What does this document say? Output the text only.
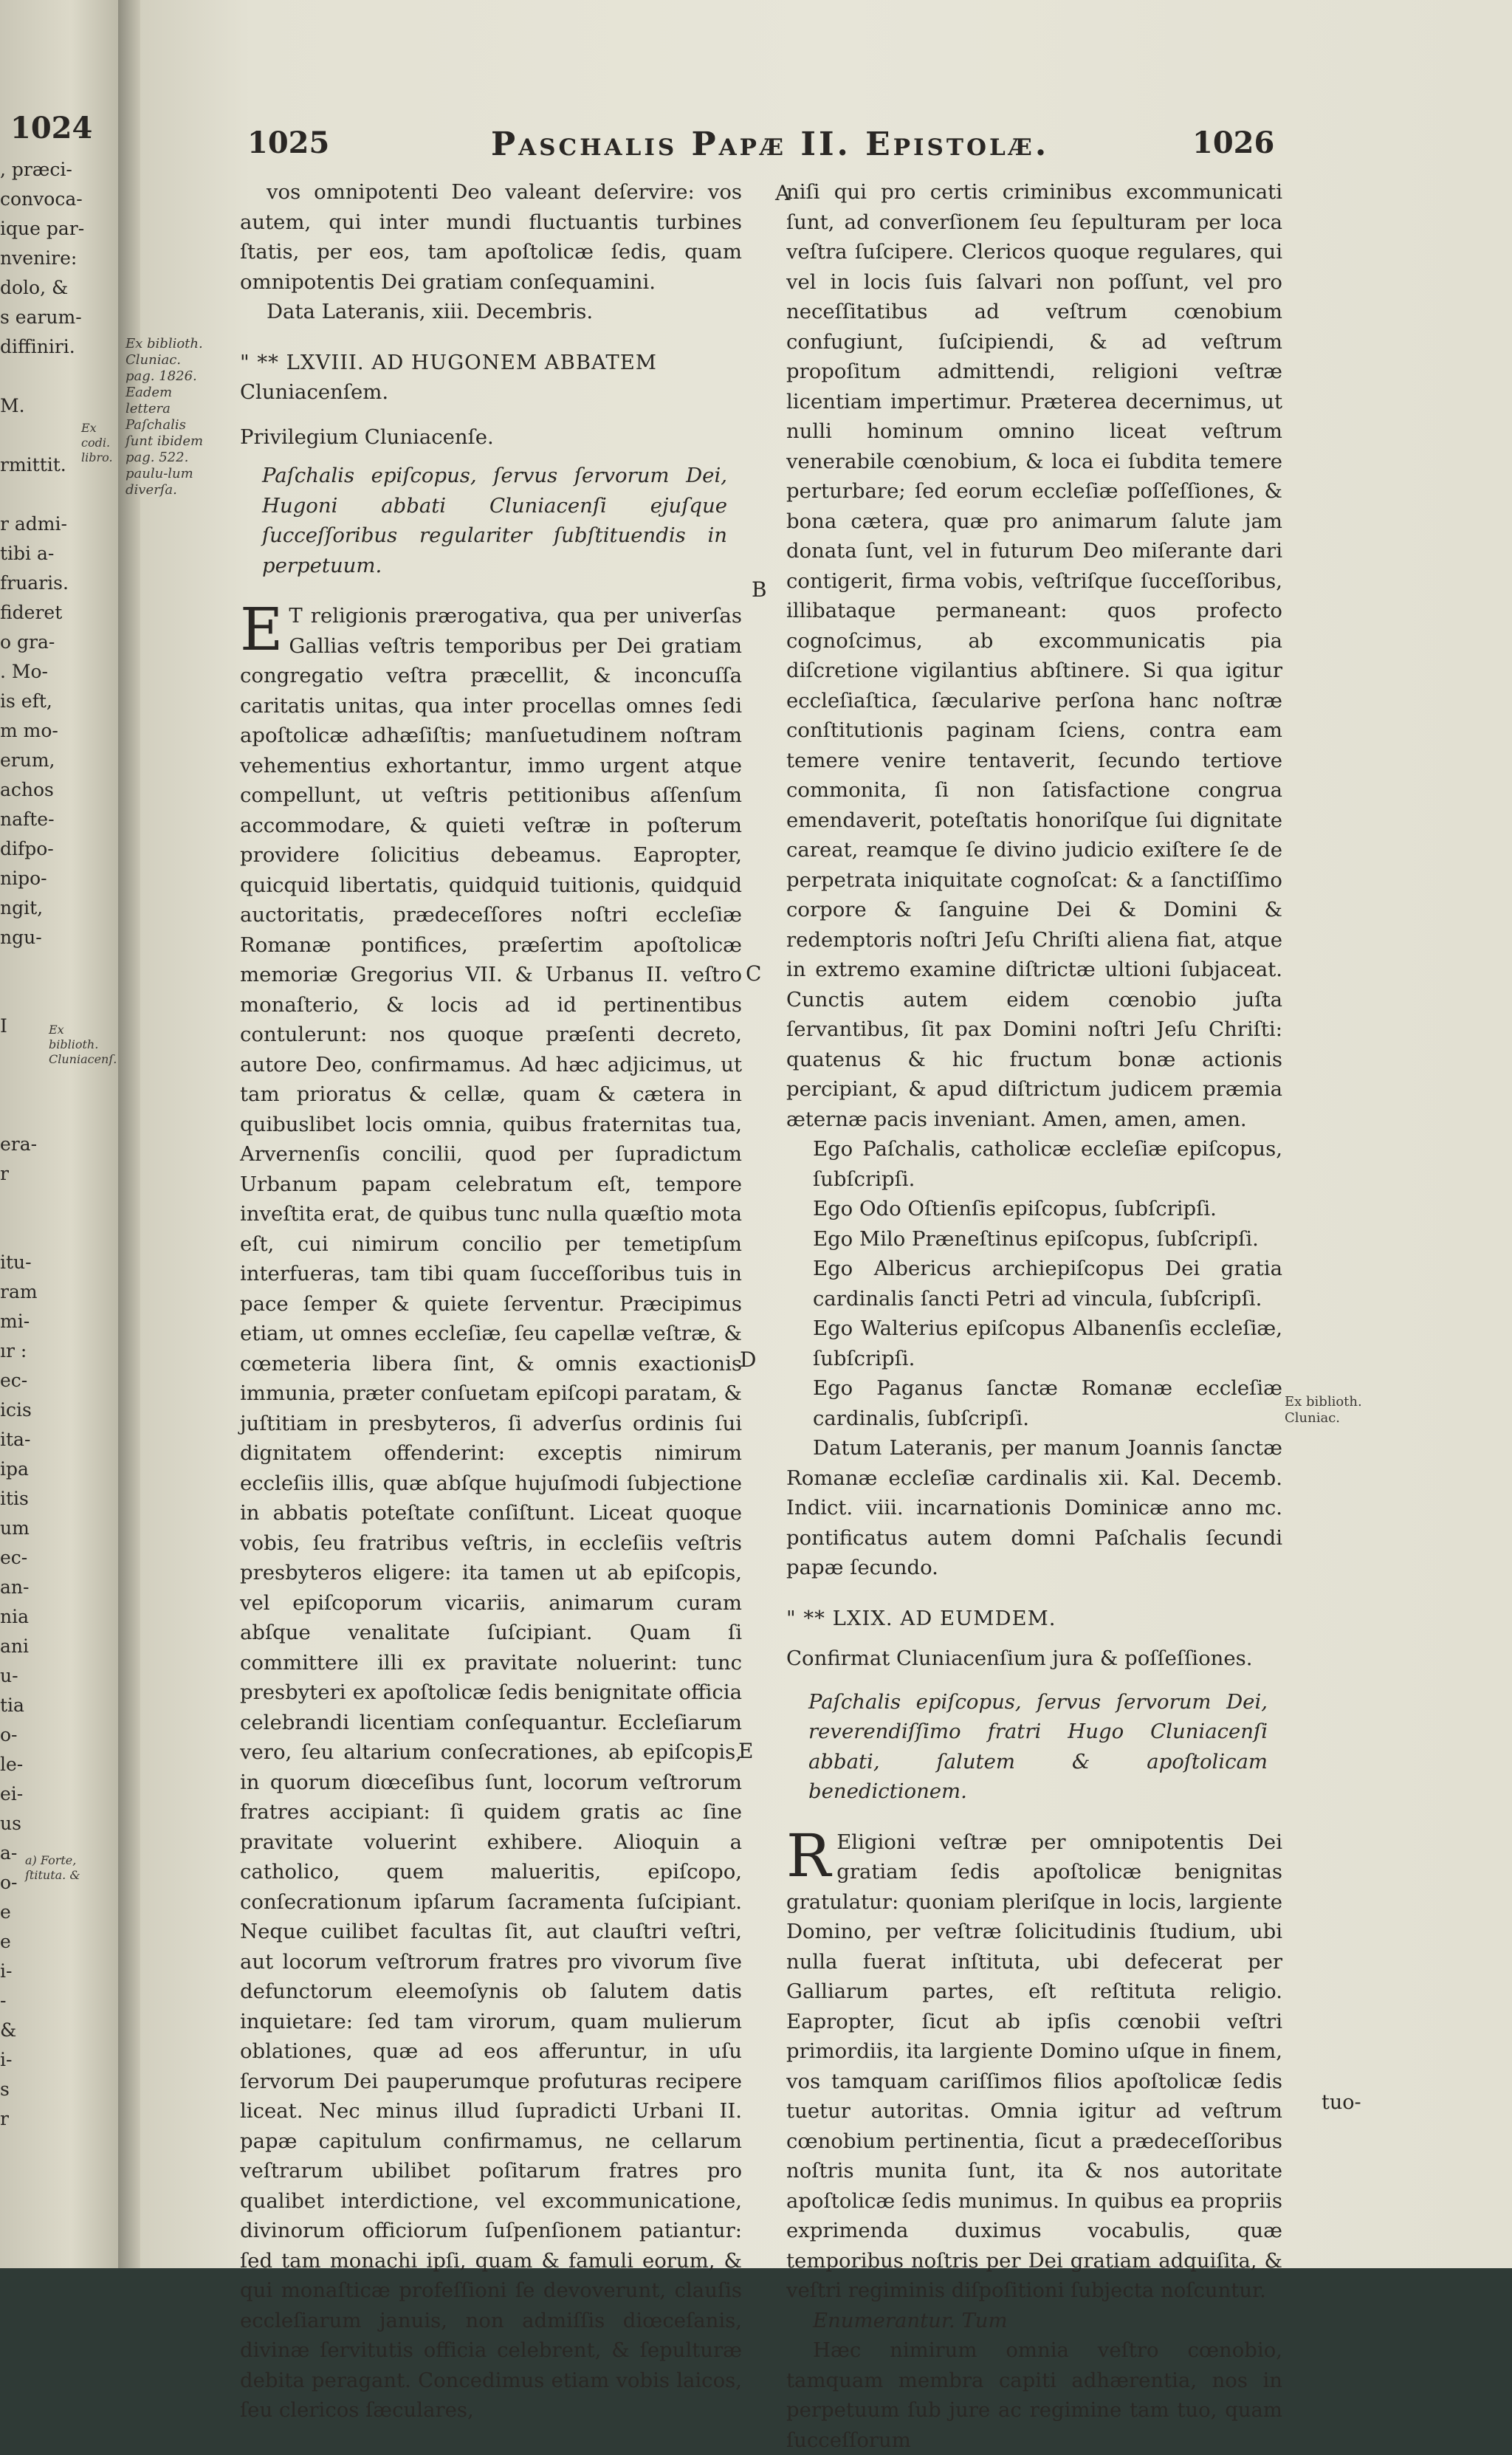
1024
, præci-
convoca-
ique par-
nvenire:
dolo, &
s earum-
diffiniri.
M.
rmittit.
r admi-
tibi a-
fruaris.
fideret
o gra-
. Mo-
is eft,
m mo-
erum,
achos
nafte-
difpo-
nipo-
ngit,
ngu-
I
era-
r
itu-
ram
mi-
ır :
ec-
icis
ita-
ipa
itis
um
ec-
an-
nia
ani
u-
tia
o-
le-
ei-
us
a-
o-
e
e
i-
-
&
i-
s
r
Ex codi. libro.
Ex biblioth. Cluniacenſ.
a) Forte, ſtituta. &
1025	Paschalis Papæ II. Epistolæ.	1026
Ex biblioth. Cluniac. pag. 1826. Eadem lettera Paſchalis ſunt ibidem pag. 522. paulu-lum diverſa.
Ex biblioth. Cluniac.
A
B
C
D
E

vos omnipotenti Deo valeant deſervire: vos autem, qui inter mundi fluctuantis turbines ſtatis, per eos, tam apoſtolicæ ſedis, quam omnipotentis Dei gratiam conſequamini.

Data Lateranis, xiii. Decembris.

" ** LXVIII. AD HUGONEM ABBATEM

Cluniacenſem.

Privilegium Cluniacenſe.

Paſchalis epiſcopus, ſervus ſervorum Dei, Hugoni abbati Cluniacenſi ejuſque ſucceſſoribus regulariter ſubſtituendis in perpetuum.

ET religionis prærogativa, qua per univerſas Gallias veſtris temporibus per Dei gratiam congregatio veſtra præcellit, & inconcuſſa caritatis unitas, qua inter procellas omnes ſedi apoſtolicæ adhæſiſtis; manſuetudinem noſtram vehementius exhortantur, immo urgent atque compellunt, ut veſtris petitionibus aſſenſum accommodare, & quieti veſtræ in poſterum providere ſolicitius debeamus. Eapropter, quicquid libertatis, quidquid tuitionis, quidquid auctoritatis, prædeceſſores noſtri eccleſiæ Romanæ pontifices, præſertim apoſtolicæ memoriæ Gregorius VII. & Urbanus II. veſtro monaſterio, & locis ad id pertinentibus contulerunt: nos quoque præſenti decreto, autore Deo, confirmamus. Ad hæc adjicimus, ut tam prioratus & cellæ, quam & cætera in quibuslibet locis omnia, quibus fraternitas tua, Arvernenſis concilii, quod per ſupradictum Urbanum papam celebratum eſt, tempore inveſtita erat, de quibus tunc nulla quæſtio mota eſt, cui nimirum concilio per temetipſum interfueras, tam tibi quam ſucceſſoribus tuis in pace ſemper & quiete ſerventur. Præcipimus etiam, ut omnes eccleſiæ, ſeu capellæ veſtræ, & cœmeteria libera ſint, & omnis exactionis immunia, præter conſuetam epiſcopi paratam, & juſtitiam in presbyteros, ſi adverſus ordinis ſui dignitatem offenderint: exceptis nimirum eccleſiis illis, quæ abſque hujuſmodi ſubjectione in abbatis poteſtate conſiſtunt. Liceat quoque vobis, ſeu fratribus veſtris, in eccleſiis veſtris presbyteros eligere: ita tamen ut ab epiſcopis, vel epiſcoporum vicariis, animarum curam abſque venalitate ſuſcipiant. Quam ſi committere illi ex pravitate noluerint: tunc presbyteri ex apoſtolicæ ſedis benignitate officia celebrandi licentiam conſequantur. Eccleſiarum vero, ſeu altarium conſecrationes, ab epiſcopis, in quorum diœceſibus ſunt, locorum veſtrorum fratres accipiant: ſi quidem gratis ac ſine pravitate voluerint exhibere. Alioquin a catholico, quem malueritis, epiſcopo, conſecrationum ipſarum ſacramenta ſuſcipiant. Neque cuilibet facultas ſit, aut clauſtri veſtri, aut locorum veſtrorum fratres pro vivorum ſive defunctorum eleemoſynis ob ſalutem datis inquietare: ſed tam virorum, quam mulierum oblationes, quæ ad eos afferuntur, in uſu ſervorum Dei pauperumque profuturas recipere liceat. Nec minus illud ſupradicti Urbani II. papæ capitulum confirmamus, ne cellarum veſtrarum ubilibet poſitarum fratres pro qualibet interdictione, vel excommunicatione, divinorum officiorum ſuſpenſionem patiantur: ſed tam monachi ipſi, quam & famuli eorum, & qui monaſticæ profeſſioni ſe devoverunt, clauſis eccleſiarum januis, non admiſſis diœceſanis, divinæ ſervitutis officia celebrent, & ſepulturæ debita peragant. Concedimus etiam vobis laicos, ſeu clericos ſæculares,

niſi qui pro certis criminibus excommunicati ſunt, ad converſionem ſeu ſepulturam per loca veſtra ſuſcipere. Clericos quoque regulares, qui vel in locis ſuis ſalvari non poſſunt, vel pro neceſſitatibus ad veſtrum cœnobium confugiunt, ſuſcipiendi, & ad veſtrum propoſitum admittendi, religioni veſtræ licentiam impertimur. Præterea decernimus, ut nulli hominum omnino liceat veſtrum venerabile cœnobium, & loca ei ſubdita temere perturbare; ſed eorum eccleſiæ poſſeſſiones, & bona cætera, quæ pro animarum ſalute jam donata ſunt, vel in futurum Deo miſerante dari contigerit, firma vobis, veſtriſque ſucceſſoribus, illibataque permaneant: quos profecto cognoſcimus, ab excommunicatis pia diſcretione vigilantius abſtinere. Si qua igitur eccleſiaſtica, ſæcularive perſona hanc noſtræ conſtitutionis paginam ſciens, contra eam temere venire tentaverit, ſecundo tertiove commonita, ſi non ſatisfactione congrua emendaverit, poteſtatis honoriſque ſui dignitate careat, reamque ſe divino judicio exiſtere ſe de perpetrata iniquitate cognoſcat: & a ſanctiſſimo corpore & ſanguine Dei & Domini & redemptoris noſtri Jeſu Chriſti aliena fiat, atque in extremo examine diſtrictæ ultioni ſubjaceat. Cunctis autem eidem cœnobio juſta ſervantibus, ſit pax Domini noſtri Jeſu Chriſti: quatenus & hic fructum bonæ actionis percipiant, & apud diſtrictum judicem præmia æternæ pacis inveniant. Amen, amen, amen.

Ego Paſchalis, catholicæ eccleſiæ epiſcopus, ſubſcripſi.

Ego Odo Oſtienſis epiſcopus, ſubſcripſi.

Ego Milo Præneſtinus epiſcopus, ſubſcripſi.

Ego Albericus archiepiſcopus Dei gratia cardinalis ſancti Petri ad vincula, ſubſcripſi.

Ego Walterius epiſcopus Albanenſis eccleſiæ, ſubſcripſi.

Ego Paganus ſanctæ Romanæ eccleſiæ cardinalis, ſubſcripſi.

Datum Lateranis, per manum Joannis ſanctæ Romanæ eccleſiæ cardinalis xii. Kal. Decemb. Indict. viii. incarnationis Dominicæ anno mc. pontificatus autem domni Paſchalis ſecundi papæ ſecundo.

" ** LXIX. AD EUMDEM.

Confirmat Cluniacenſium jura & poſſeſſiones.

Paſchalis epiſcopus, ſervus ſervorum Dei, reverendiſſimo fratri Hugo Cluniacenſi abbati, ſalutem & apoſtolicam benedictionem.

REligioni veſtræ per omnipotentis Dei gratiam ſedis apoſtolicæ benignitas gratulatur: quoniam pleriſque in locis, largiente Domino, per veſtræ ſolicitudinis ſtudium, ubi nulla fuerat inſtituta, ubi defecerat per Galliarum partes, eſt reſtituta religio. Eapropter, ſicut ab ipſis cœnobii veſtri primordiis, ita largiente Domino uſque in finem, vos tamquam cariſſimos filios apoſtolicæ ſedis tuetur autoritas. Omnia igitur ad veſtrum cœnobium pertinentia, ſicut a prædeceſſoribus noſtris munita ſunt, ita & nos autoritate apoſtolicæ ſedis munimus. In quibus ea propriis exprimenda duximus vocabulis, quæ temporibus noſtris per Dei gratiam adquiſita, & veſtri regiminis diſpoſitioni ſubjecta noſcuntur.

Enumerantur. Tum

Hæc nimirum omnia veſtro cœnobio, tamquam membra capiti adhærentia, nos in perpetuum ſub jure ac regimine tam tuo, quam ſucceſſorum

tuo-
